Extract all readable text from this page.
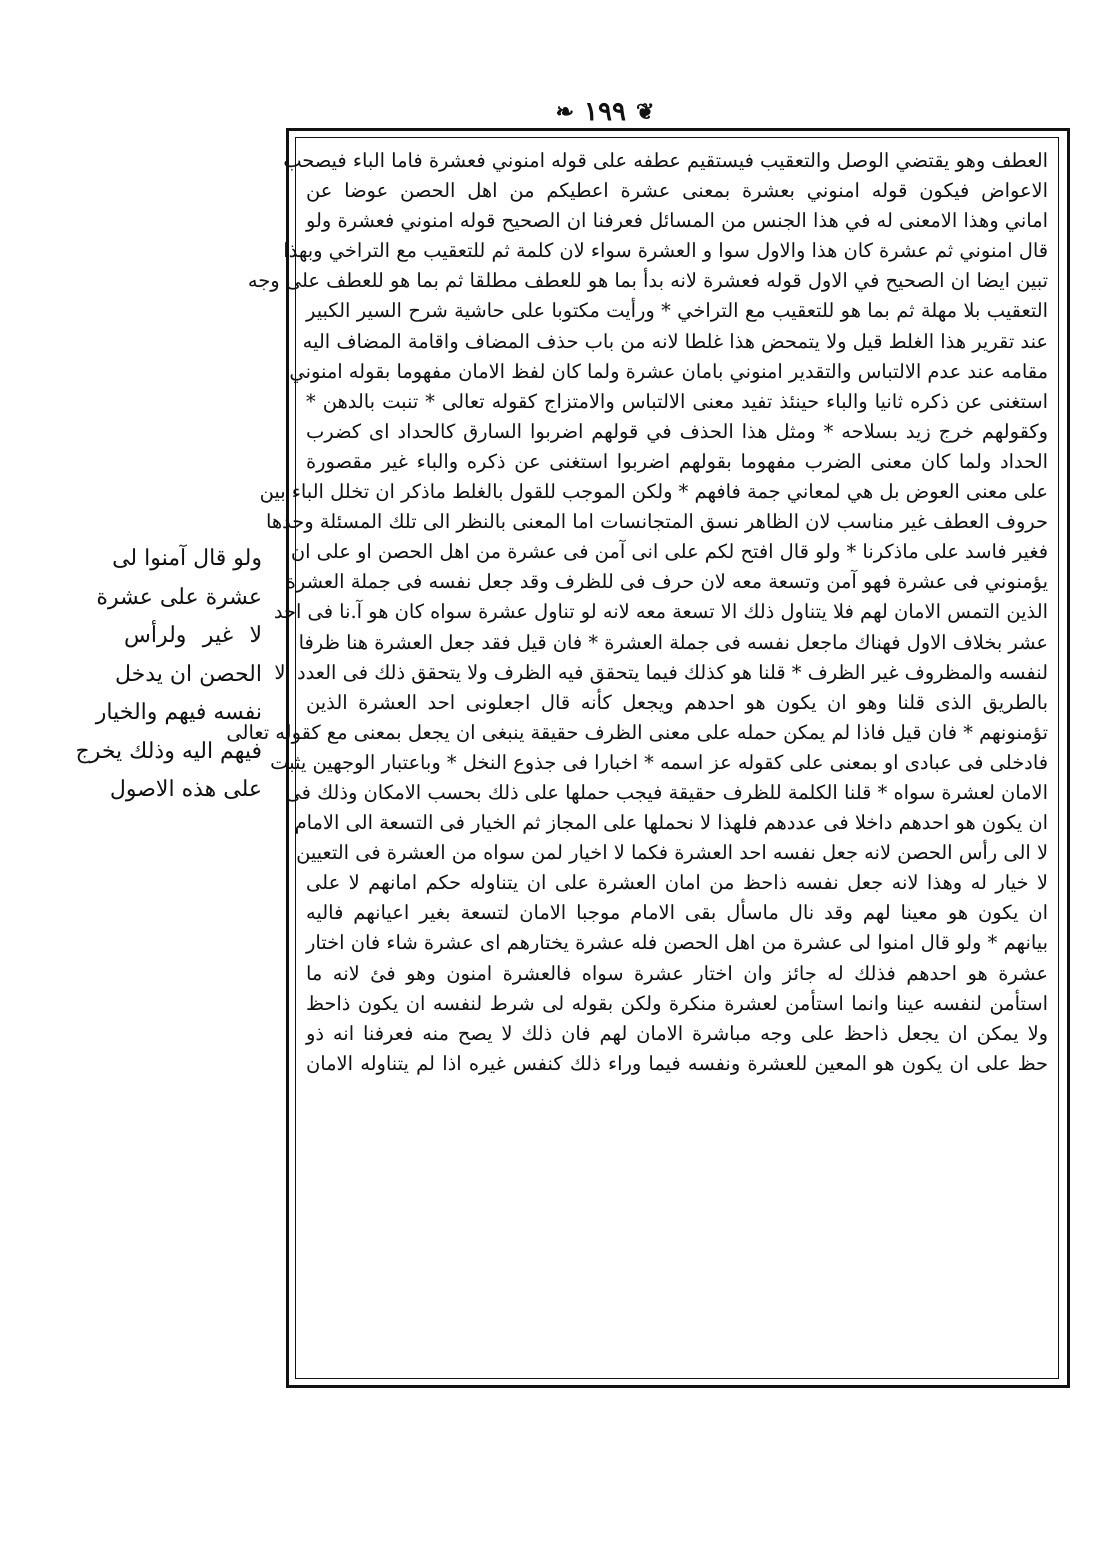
❦
١٩٩
❧
العطف وهو يقتضي الوصل والتعقيب فيستقيم عطفه على قوله امنوني فعشرة فاما الباء فيصحب
الاعواض فيكون قوله امنوني بعشرة بمعنى عشرة اعطيكم من اهل الحصن عوضا عن
اماني وهذا الامعنى له في هذا الجنس من المسائل فعرفنا ان الصحيح قوله امنوني فعشرة ولو
قال امنوني ثم عشرة كان هذا والاول سوا و العشرة سواء لان كلمة ثم للتعقيب مع التراخي وبهذا
تبين ايضا ان الصحيح في الاول قوله فعشرة لانه بدأ بما هو للعطف مطلقا ثم بما هو للعطف على وجه
التعقيب بلا مهلة ثم بما هو للتعقيب مع التراخي * ورأيت مكتوبا على حاشية شرح السير الكبير
عند تقرير هذا الغلط قيل ولا يتمحض هذا غلطا لانه من باب حذف المضاف واقامة المضاف اليه
مقامه عند عدم الالتباس والتقدير امنوني بامان عشرة ولما كان لفظ الامان مفهوما بقوله امنوني
استغنى عن ذكره ثانيا والباء حينئذ تفيد معنى الالتباس والامتزاج كقوله تعالى * تنبت بالدهن *
وكقولهم خرج زيد بسلاحه * ومثل هذا الحذف في قولهم اضربوا السارق كالحداد اى كضرب
الحداد ولما كان معنى الضرب مفهوما بقولهم اضربوا استغنى عن ذكره والباء غير مقصورة
على معنى العوض بل هي لمعاني جمة فافهم * ولكن الموجب للقول بالغلط ماذكر ان تخلل الباء بين
حروف العطف غير مناسب لان الظاهر نسق المتجانسات اما المعنى بالنظر الى تلك المسئلة وحدها
فغير فاسد على ماذكرنا * ولو قال افتح لكم على انى آمن فى عشرة من اهل الحصن او على ان
يؤمنوني فى عشرة فهو آمن وتسعة معه لان حرف فى للظرف وقد جعل نفسه فى جملة العشرة
الذين التمس الامان لهم فلا يتناول ذلك الا تسعة معه لانه لو تناول عشرة سواه كان هو آ.نا فى احد
عشر بخلاف الاول فهناك ماجعل نفسه فى جملة العشرة * فان قيل فقد جعل العشرة هنا ظرفا
لنفسه والمظروف غير الظرف * قلنا هو كذلك فيما يتحقق فيه الظرف ولا يتحقق ذلك فى العدد الا
بالطريق الذى قلنا وهو ان يكون هو احدهم ويجعل كأنه قال اجعلونى احد العشرة الذين
تؤمنونهم * فان قيل فاذا لم يمكن حمله على معنى الظرف حقيقة ينبغى ان يجعل بمعنى مع كقوله تعالى
فادخلى فى عبادى او بمعنى على كقوله عز اسمه * اخبارا فى جذوع النخل * وباعتبار الوجهين يثبت
الامان لعشرة سواه * قلنا الكلمة للظرف حقيقة فيجب حملها على ذلك بحسب الامكان وذلك فى
ان يكون هو احدهم داخلا فى عددهم فلهذا لا نحملها على المجاز ثم الخيار فى التسعة الى الامام
لا الى رأس الحصن لانه جعل نفسه احد العشرة فكما لا اخيار لمن سواه من العشرة فى التعيين
لا خيار له وهذا لانه جعل نفسه ذاحظ من امان العشرة على ان يتناوله حكم امانهم لا على
ان يكون هو معينا لهم وقد نال ماسأل بقى الامام موجبا الامان لتسعة بغير اعيانهم فاليه
بيانهم * ولو قال امنوا لى عشرة من اهل الحصن فله عشرة يختارهم اى عشرة شاء فان اختار
عشرة هو احدهم فذلك له جائز وان اختار عشرة سواه فالعشرة امنون وهو فئ لانه ما
استأمن لنفسه عينا وانما استأمن لعشرة منكرة ولكن بقوله لى شرط لنفسه ان يكون ذاحظ
ولا يمكن ان يجعل ذاحظ على وجه مباشرة الامان لهم فان ذلك لا يصح منه فعرفنا انه ذو
حظ على ان يكون هو المعين للعشرة ونفسه فيما وراء ذلك كنفس غيره اذا لم يتناوله الامان
ولو قال آمنوا لى
عشرة على عشرة
لا غير ولرأس
الحصن ان يدخل
نفسه فيهم والخيار
فيهم اليه وذلك يخرج
على هذه الاصول
